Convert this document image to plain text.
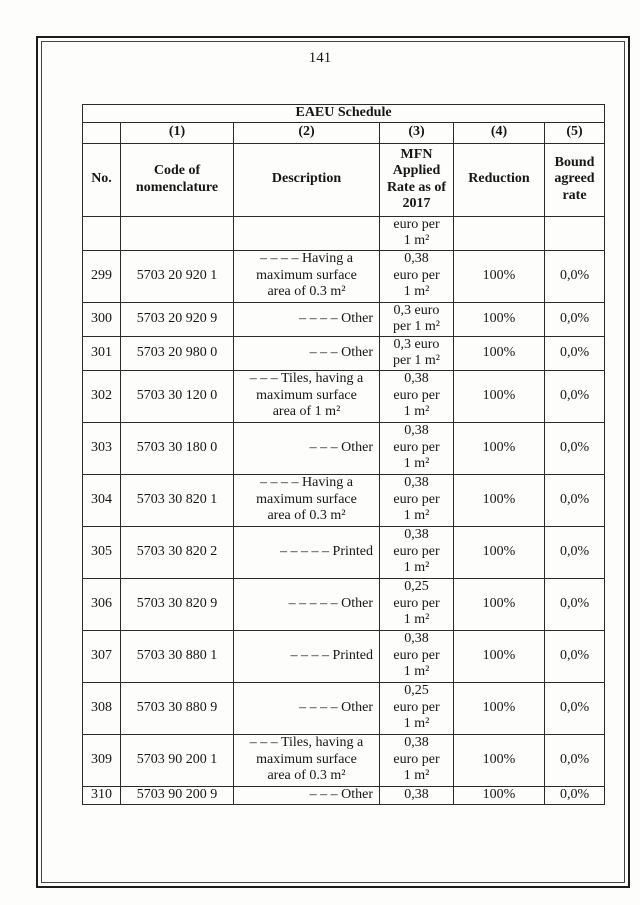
141
EAEU Schedule					
	(1)	(2)	(3)	(4)	(5)
No.	Code of nomenclature	Description	MFN Applied Rate as of 2017	Reduction	Bound agreed rate
			euro per
1 m²		
299	5703 20 920 1	– – – – Having a
maximum surface
area of 0.3 m²	0,38
euro per
1 m²	100%	0,0%
300	5703 20 920 9	– – – – Other	0,3 euro
per 1 m²	100%	0,0%
301	5703 20 980 0	– – – Other	0,3 euro
per 1 m²	100%	0,0%
302	5703 30 120 0	– – – Tiles, having a
maximum surface
area of 1 m²	0,38
euro per
1 m²	100%	0,0%
303	5703 30 180 0	– – – Other	0,38
euro per
1 m²	100%	0,0%
304	5703 30 820 1	– – – – Having a
maximum surface
area of 0.3 m²	0,38
euro per
1 m²	100%	0,0%
305	5703 30 820 2	– – – – – Printed	0,38
euro per
1 m²	100%	0,0%
306	5703 30 820 9	– – – – – Other	0,25
euro per
1 m²	100%	0,0%
307	5703 30 880 1	– – – – Printed	0,38
euro per
1 m²	100%	0,0%
308	5703 30 880 9	– – – – Other	0,25
euro per
1 m²	100%	0,0%
309	5703 90 200 1	– – – Tiles, having a
maximum surface
area of 0.3 m²	0,38
euro per
1 m²	100%	0,0%
310	5703 90 200 9	– – – Other	0,38	100%	0,0%
